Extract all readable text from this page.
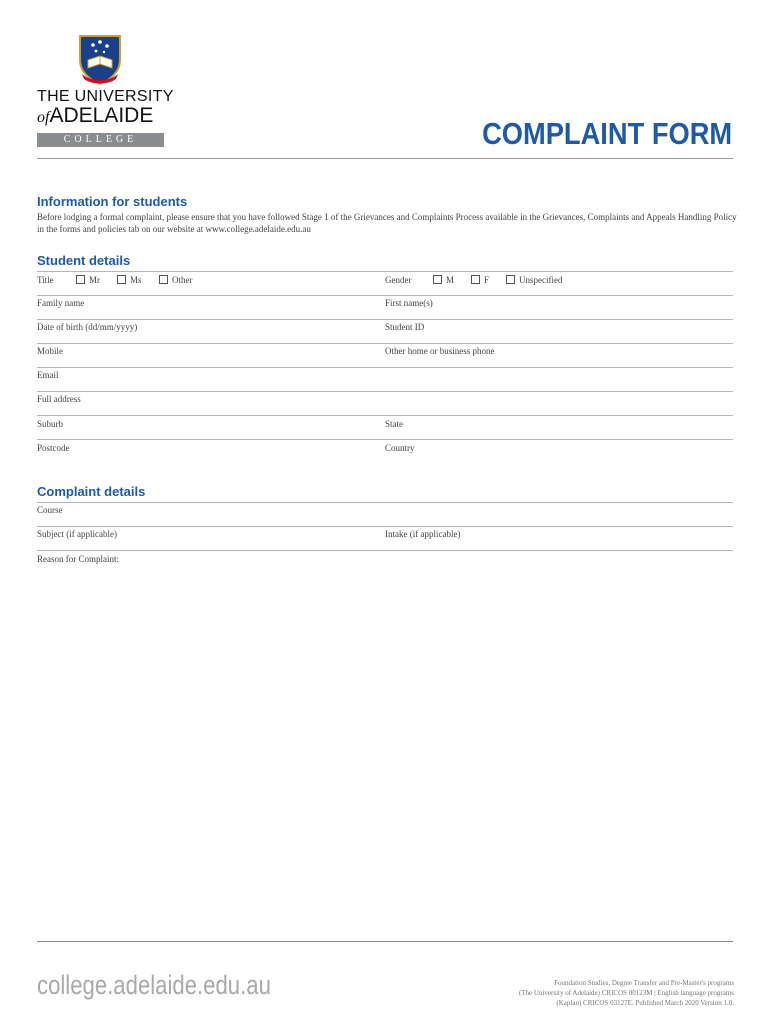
THE UNIVERSITY
ofADELAIDE
COLLEGE	COMPLAINT FORM
Information for students
Before lodging a formal complaint, please ensure that you have followed Stage 1 of the Grievances and Complaints Process available in the Grievances, Complaints and Appeals Handling Policy in the forms and policies tab on our website at www.college.adelaide.edu.au
Student details
Title	Mr	Ms	Other	Gender	M	F	Unspecified
Family name	First name(s)
Date of birth (dd/mm/yyyy)	Student ID
Mobile	Other home or business phone
Email
Full address
Suburb	State
Postcode	Country
Complaint details
Course
Subject (if applicable)	Intake (if applicable)
Reason for Complaint:
college.adelaide.edu.au	Foundation Studies, Degree Transfer and Pre-Master's programs
(The University of Adelaide) CRICOS 00123M | English language programs
(Kaplan) CRICOS 03127E. Published March 2020 Version 1.0.
